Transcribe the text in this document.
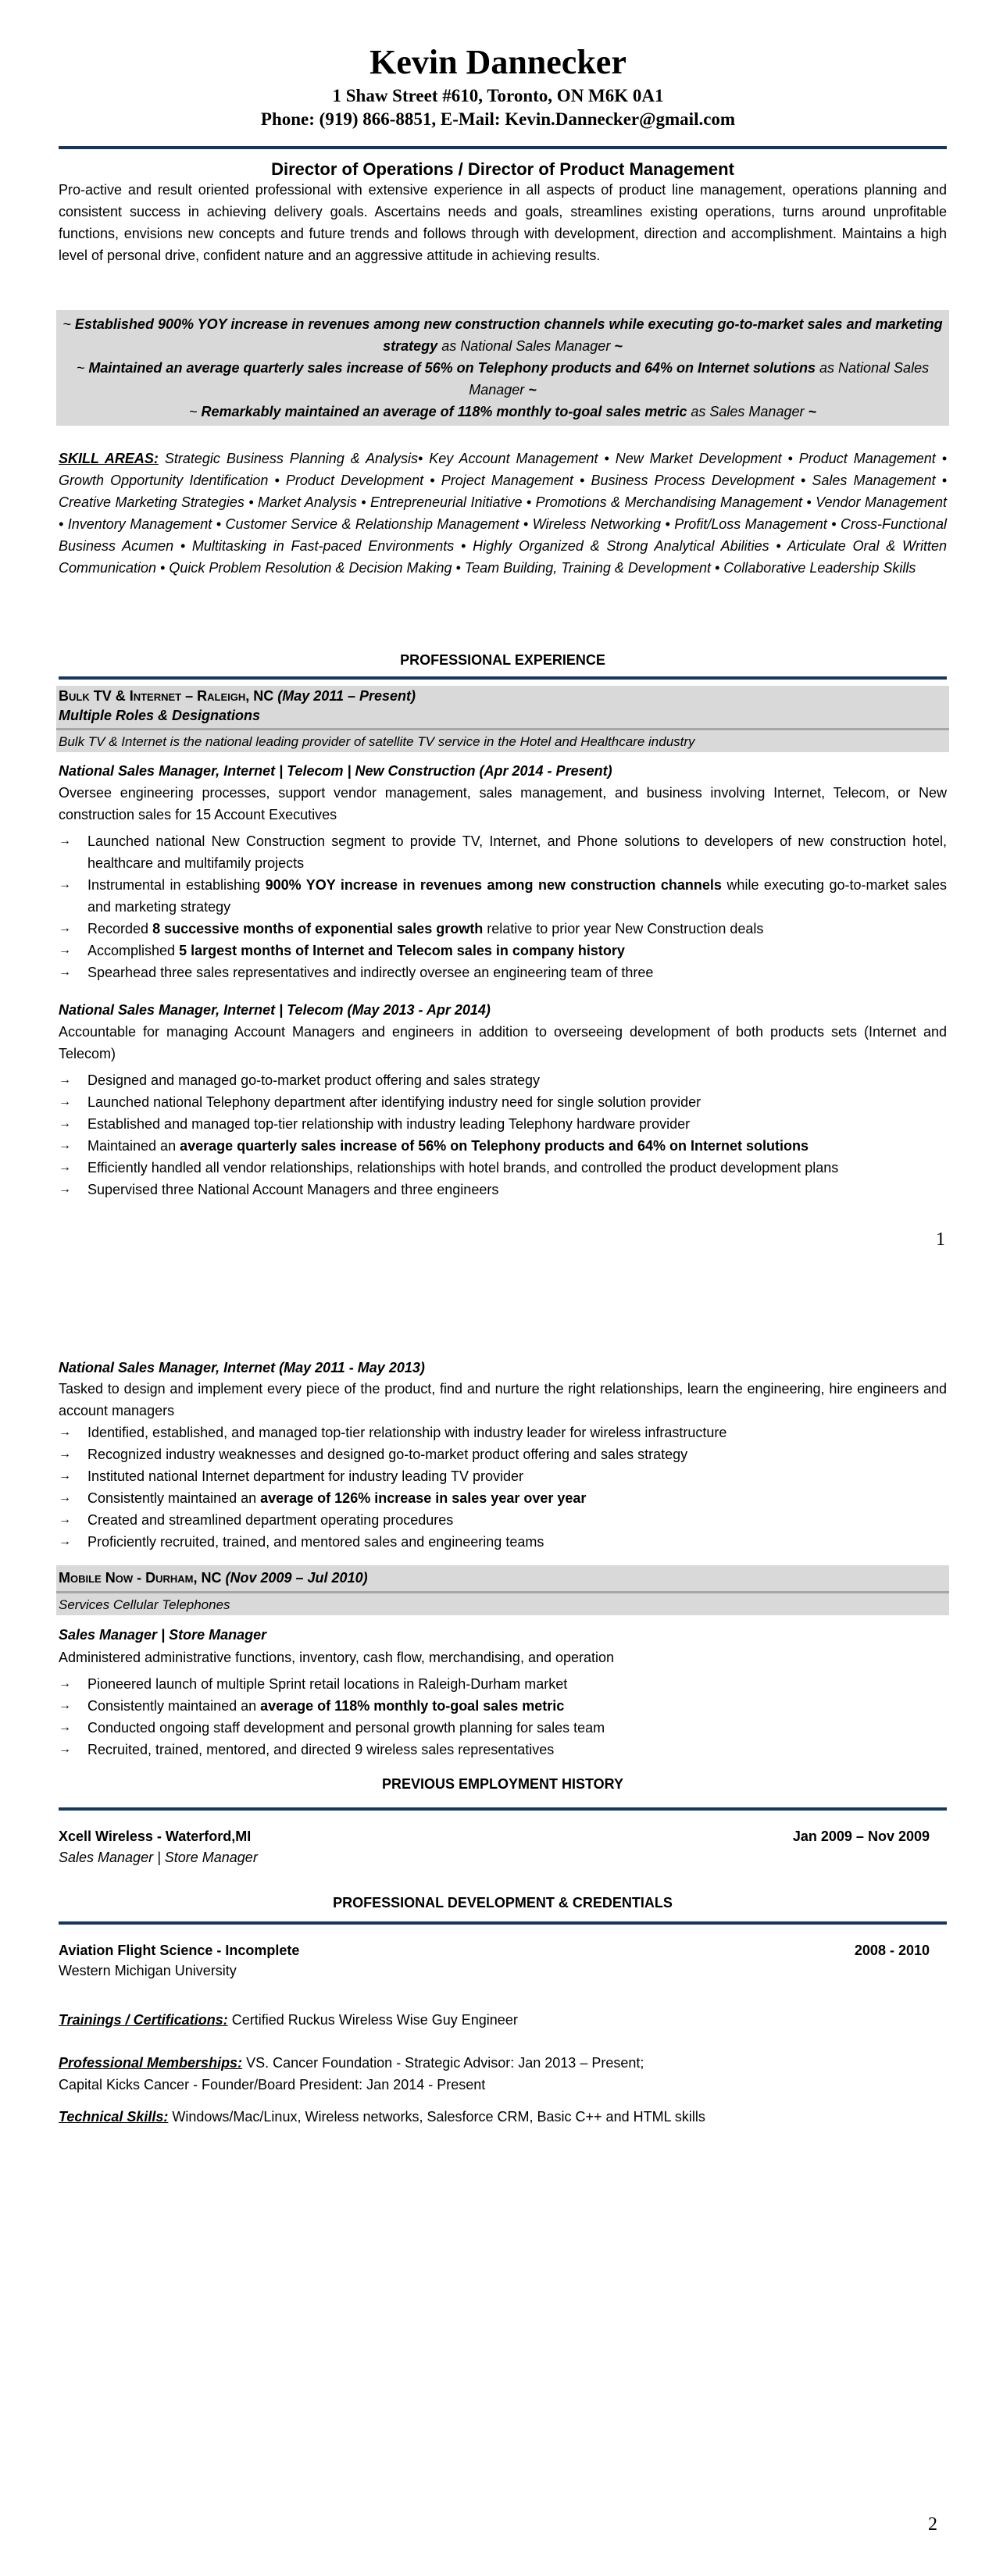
Kevin Dannecker
1 Shaw Street #610, Toronto, ON M6K 0A1
Phone: (919) 866-8851, E-Mail: Kevin.Dannecker@gmail.com
Director of Operations / Director of Product Management
Pro-active and result oriented professional with extensive experience in all aspects of product line management, operations planning and consistent success in achieving delivery goals. Ascertains needs and goals, streamlines existing operations, turns around unprofitable functions, envisions new concepts and future trends and follows through with development, direction and accomplishment. Maintains a high level of personal drive, confident nature and an aggressive attitude in achieving results.
~ Established 900% YOY increase in revenues among new construction channels while executing go-to-market sales and marketing strategy as National Sales Manager ~
~ Maintained an average quarterly sales increase of 56% on Telephony products and 64% on Internet solutions as National Sales Manager ~
~ Remarkably maintained an average of 118% monthly to-goal sales metric as Sales Manager ~
SKILL AREAS: Strategic Business Planning & Analysis• Key Account Management • New Market Development • Product Management • Growth Opportunity Identification • Product Development • Project Management • Business Process Development • Sales Management • Creative Marketing Strategies • Market Analysis • Entrepreneurial Initiative • Promotions & Merchandising Management • Vendor Management • Inventory Management • Customer Service & Relationship Management • Wireless Networking • Profit/Loss Management • Cross-Functional Business Acumen • Multitasking in Fast-paced Environments • Highly Organized & Strong Analytical Abilities • Articulate Oral & Written Communication • Quick Problem Resolution & Decision Making • Team Building, Training & Development • Collaborative Leadership Skills
PROFESSIONAL EXPERIENCE
Bulk TV & Internet – Raleigh, NC (May 2011 – Present)
Multiple Roles & Designations
Bulk TV & Internet is the national leading provider of satellite TV service in the Hotel and Healthcare industry
National Sales Manager, Internet | Telecom | New Construction (Apr 2014 - Present)
Oversee engineering processes, support vendor management, sales management, and business involving Internet, Telecom, or New construction sales for 15 Account Executives
→ Launched national New Construction segment to provide TV, Internet, and Phone solutions to developers of new construction hotel, healthcare and multifamily projects
→ Instrumental in establishing 900% YOY increase in revenues among new construction channels while executing go-to-market sales and marketing strategy
→ Recorded 8 successive months of exponential sales growth relative to prior year New Construction deals
→ Accomplished 5 largest months of Internet and Telecom sales in company history
→ Spearhead three sales representatives and indirectly oversee an engineering team of three
National Sales Manager, Internet | Telecom (May 2013 - Apr 2014)
Accountable for managing Account Managers and engineers in addition to overseeing development of both products sets (Internet and Telecom)
→ Designed and managed go-to-market product offering and sales strategy
→ Launched national Telephony department after identifying industry need for single solution provider
→ Established and managed top-tier relationship with industry leading Telephony hardware provider
→ Maintained an average quarterly sales increase of 56% on Telephony products and 64% on Internet solutions
→ Efficiently handled all vendor relationships, relationships with hotel brands, and controlled the product development plans
→ Supervised three National Account Managers and three engineers
1
National Sales Manager, Internet (May 2011 - May 2013)
Tasked to design and implement every piece of the product, find and nurture the right relationships, learn the engineering, hire engineers and account managers
→ Identified, established, and managed top-tier relationship with industry leader for wireless infrastructure
→ Recognized industry weaknesses and designed go-to-market product offering and sales strategy
→ Instituted national Internet department for industry leading TV provider
→ Consistently maintained an average of 126% increase in sales year over year
→ Created and streamlined department operating procedures
→ Proficiently recruited, trained, and mentored sales and engineering teams
Mobile Now - Durham, NC (Nov 2009 – Jul 2010)
Services Cellular Telephones
Sales Manager | Store Manager
Administered administrative functions, inventory, cash flow, merchandising, and operation
→ Pioneered launch of multiple Sprint retail locations in Raleigh-Durham market
→ Consistently maintained an average of 118% monthly to-goal sales metric
→ Conducted ongoing staff development and personal growth planning for sales team
→ Recruited, trained, mentored, and directed 9 wireless sales representatives
PREVIOUS EMPLOYMENT HISTORY
Xcell Wireless - Waterford,MI	Jan 2009 – Nov 2009
Sales Manager | Store Manager
PROFESSIONAL DEVELOPMENT & CREDENTIALS
Aviation Flight Science - Incomplete	2008 - 2010
Western Michigan University
Trainings / Certifications: Certified Ruckus Wireless Wise Guy Engineer
Professional Memberships: VS. Cancer Foundation - Strategic Advisor: Jan 2013 – Present;
Capital Kicks Cancer - Founder/Board President: Jan 2014 - Present
Technical Skills: Windows/Mac/Linux, Wireless networks, Salesforce CRM, Basic C++ and HTML skills
2
